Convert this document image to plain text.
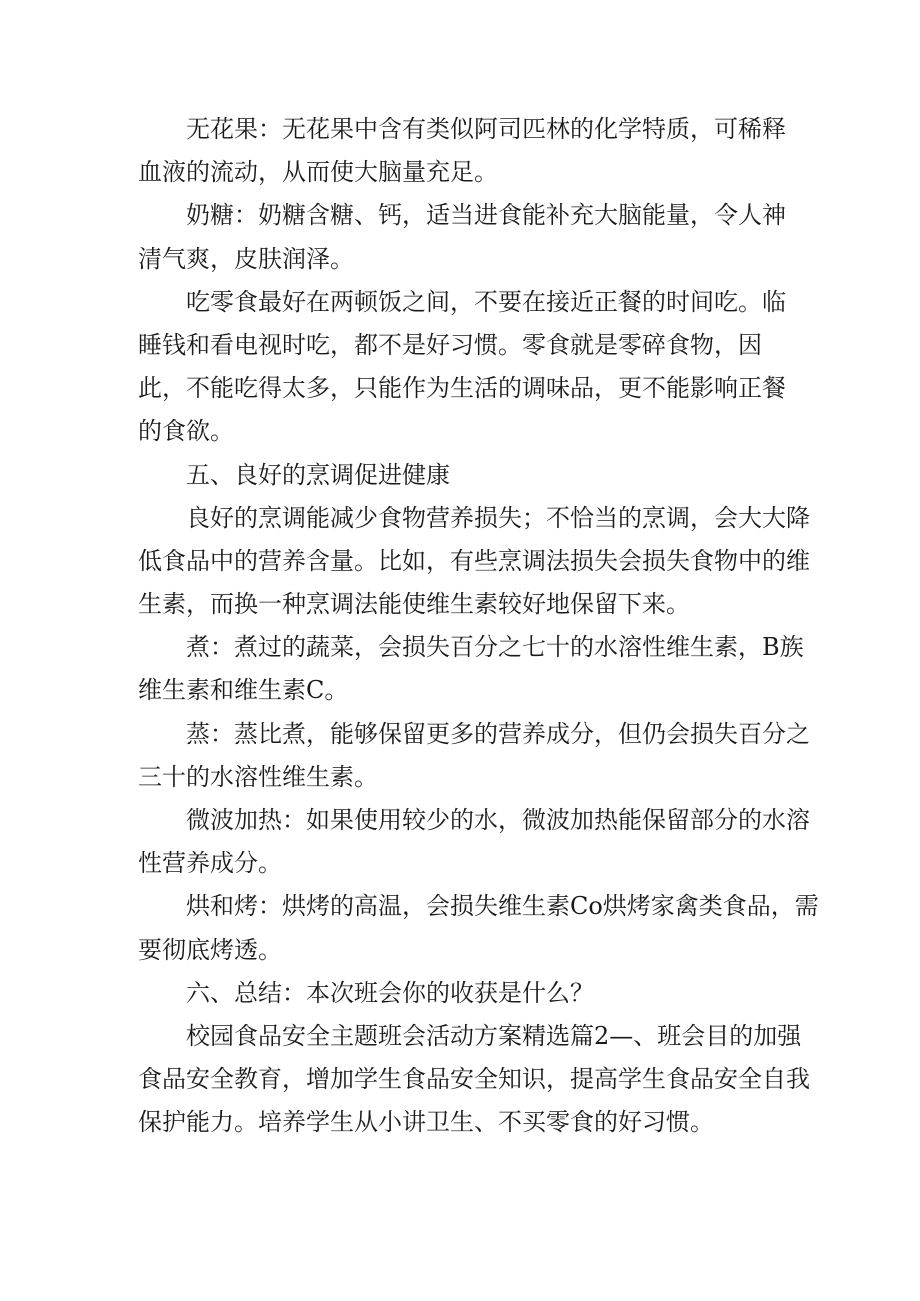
无花果：无花果中含有类似阿司匹林的化学特质，可稀释
血液的流动，从而使大脑量充足。
奶糖：奶糖含糖、钙，适当进食能补充大脑能量，令人神
清气爽，皮肤润泽。
吃零食最好在两顿饭之间，不要在接近正餐的时间吃。临
睡钱和看电视时吃，都不是好习惯。零食就是零碎食物，因
此，不能吃得太多，只能作为生活的调味品，更不能影响正餐
的食欲。
五、良好的烹调促进健康
良好的烹调能减少食物营养损失；不恰当的烹调，会大大降
低食品中的营养含量。比如，有些烹调法损失会损失食物中的维
生素，而换一种烹调法能使维生素较好地保留下来。
煮：煮过的蔬菜，会损失百分之七十的水溶性维生素，B族
维生素和维生素C。
蒸：蒸比煮，能够保留更多的营养成分，但仍会损失百分之
三十的水溶性维生素。
微波加热：如果使用较少的水，微波加热能保留部分的水溶
性营养成分。
烘和烤：烘烤的高温，会损失维生素Co烘烤家禽类食品，需
要彻底烤透。
六、总结：本次班会你的收获是什么？
校园食品安全主题班会活动方案精选篇2—、班会目的加强
食品安全教育，增加学生食品安全知识，提高学生食品安全自我
保护能力。培养学生从小讲卫生、不买零食的好习惯。
